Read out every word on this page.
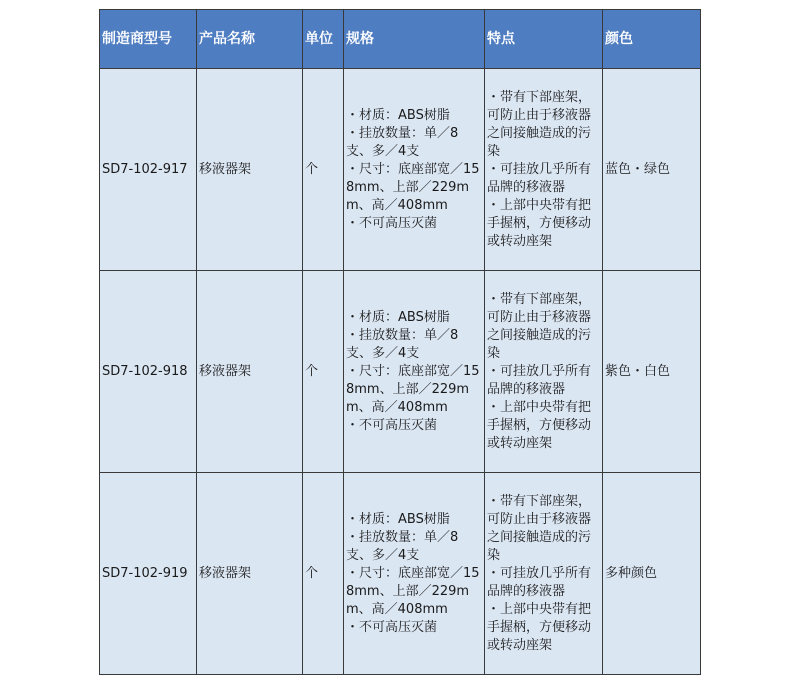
制造商型号	产品名称	单位	规格	特点	颜色
SD7-102-917	移液器架	个	・材质：ABS树脂
・挂放数量：单／8支、多／4支
・尺寸：底座部宽／158mm、上部／229mm、高／408mm
・不可高压灭菌	・带有下部座架，可防止由于移液器之间接触造成的污染
・可挂放几乎所有品牌的移液器
・上部中央带有把手握柄，方便移动或转动座架	蓝色・绿色
SD7-102-918	移液器架	个	・材质：ABS树脂
・挂放数量：单／8支、多／4支
・尺寸：底座部宽／158mm、上部／229mm、高／408mm
・不可高压灭菌	・带有下部座架，可防止由于移液器之间接触造成的污染
・可挂放几乎所有品牌的移液器
・上部中央带有把手握柄，方便移动或转动座架	紫色・白色
SD7-102-919	移液器架	个	・材质：ABS树脂
・挂放数量：单／8支、多／4支
・尺寸：底座部宽／158mm、上部／229mm、高／408mm
・不可高压灭菌	・带有下部座架，可防止由于移液器之间接触造成的污染
・可挂放几乎所有品牌的移液器
・上部中央带有把手握柄，方便移动或转动座架	多种颜色
